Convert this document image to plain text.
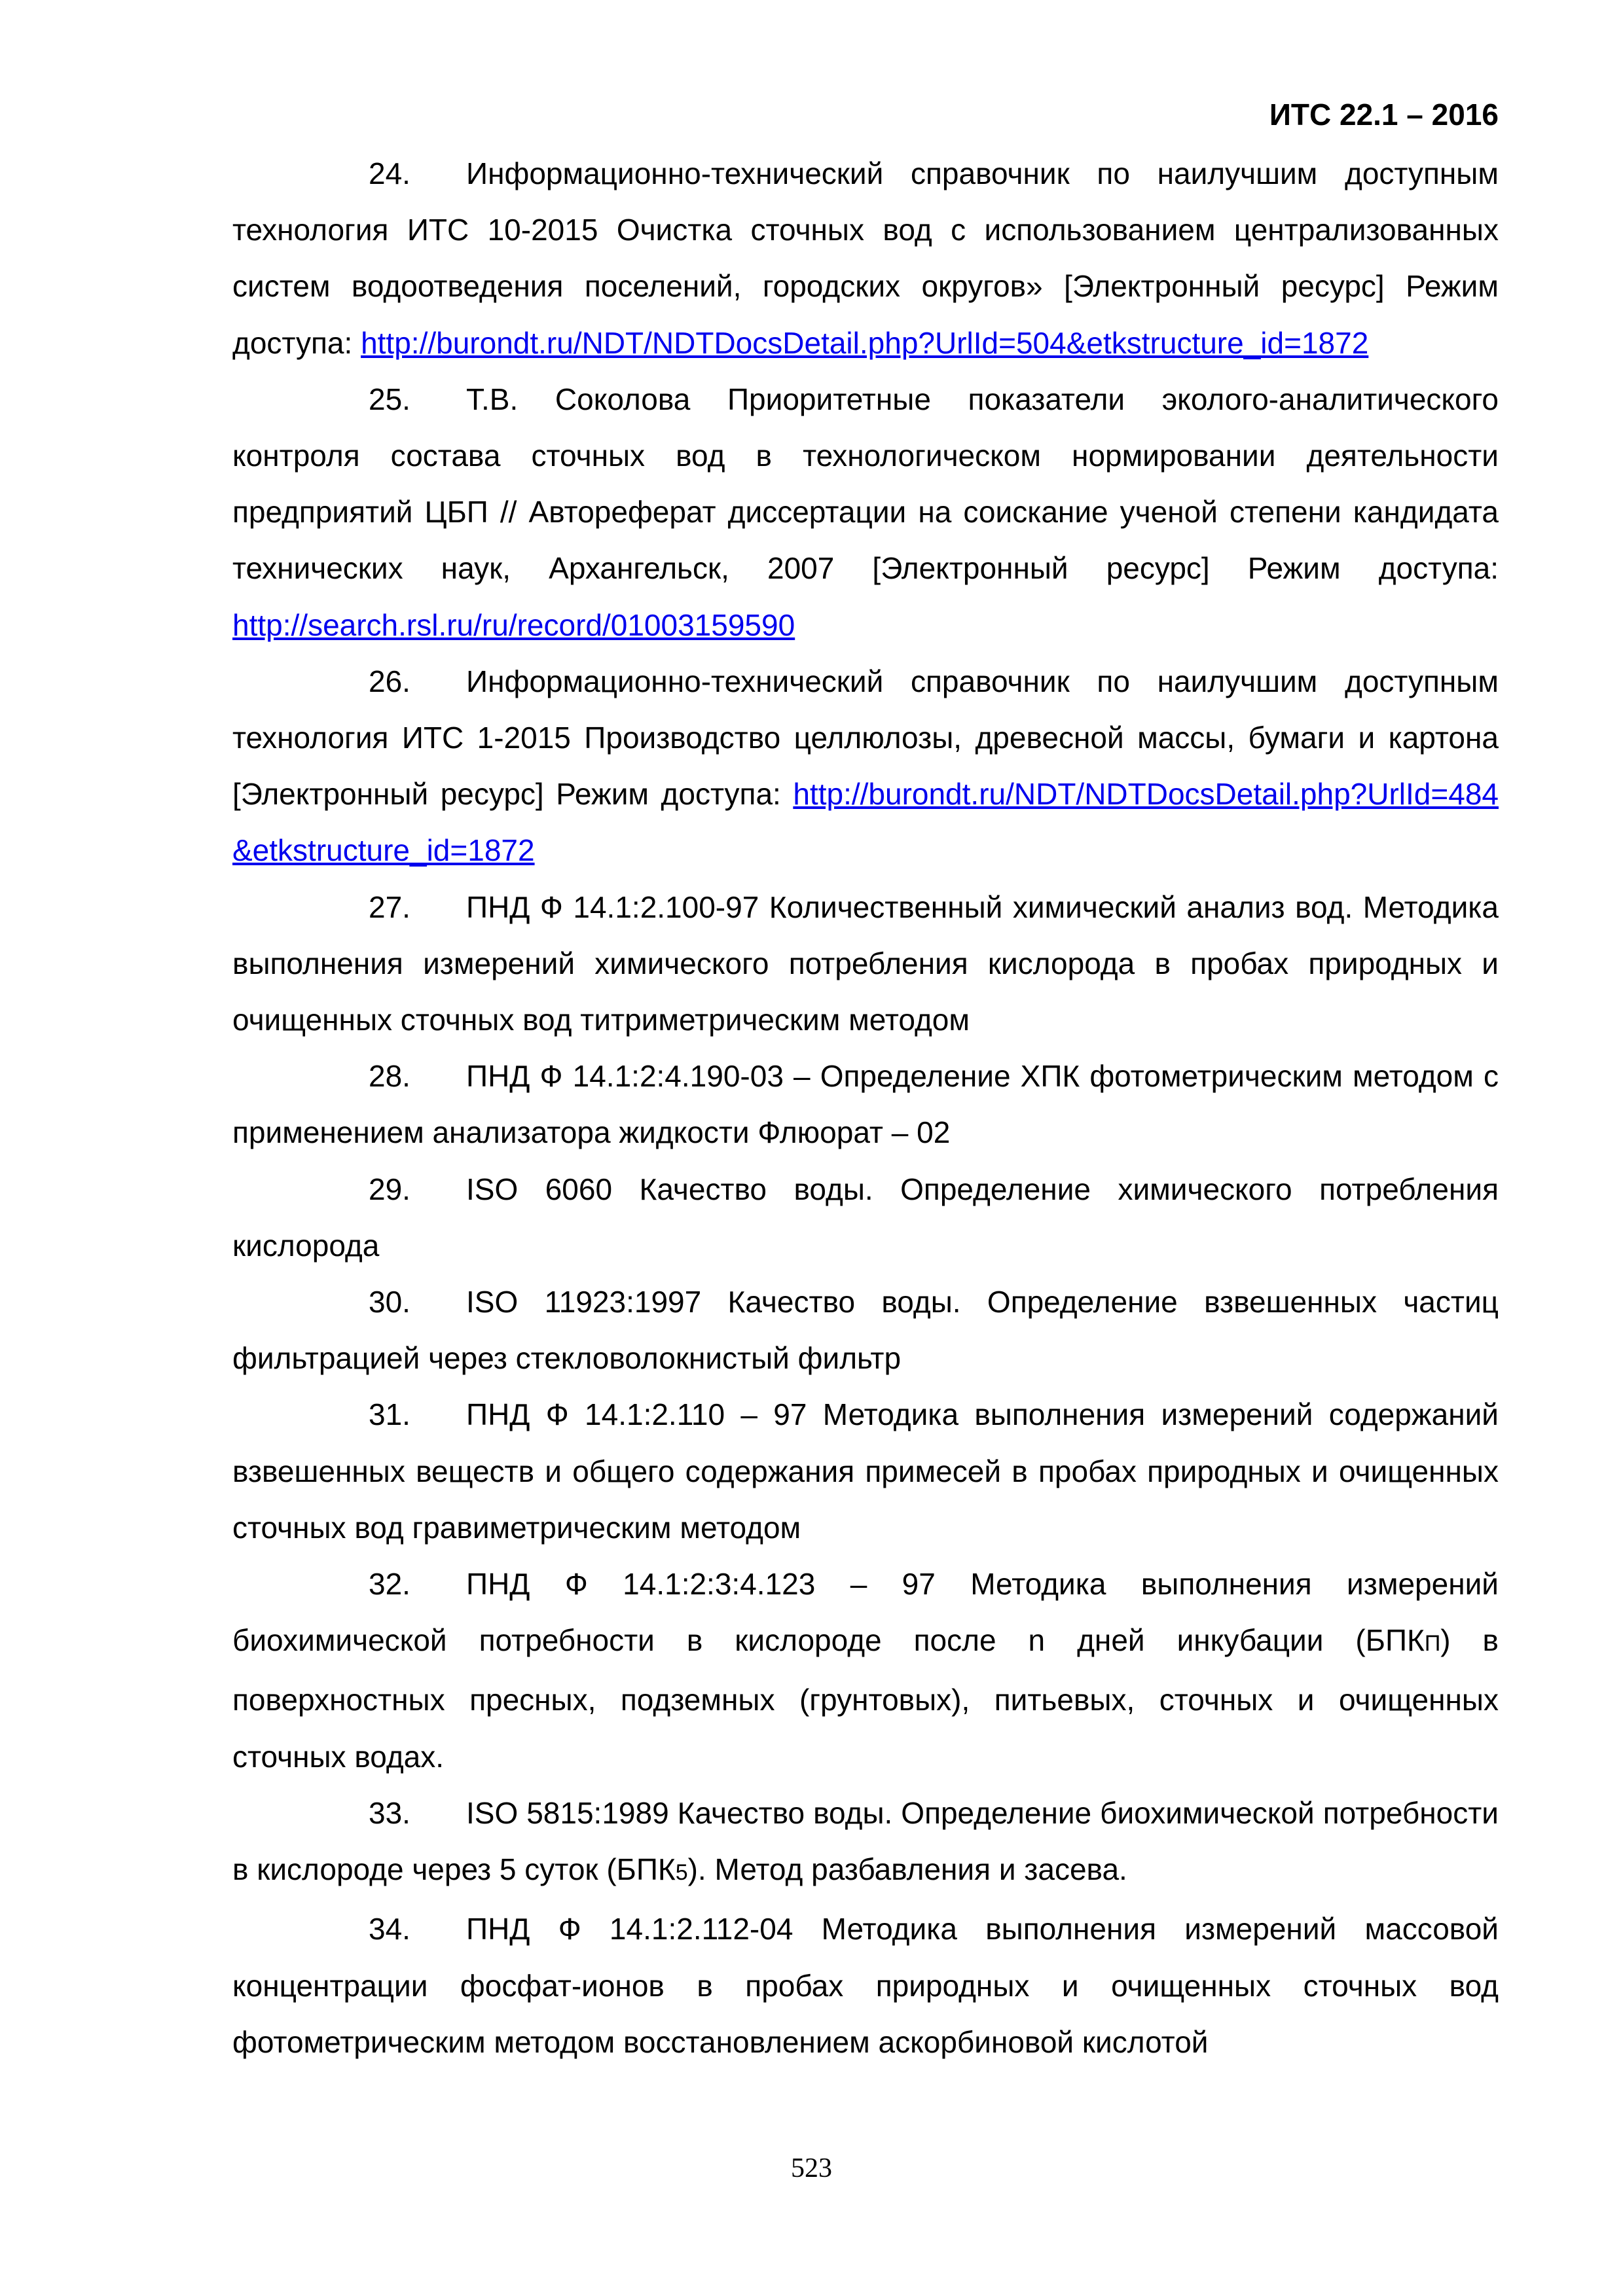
ИТС 22.1 – 2016

24. Информационно-технический справочник по наилучшим доступным технология ИТС 10-2015 Очистка сточных вод с использованием централизованных систем водоотведения поселений, городских округов» [Электронный ресурс] Режим доступа: http://burondt.ru/NDT/NDTDocsDetail.php?UrlId=504&etkstructure_id=1872

25. Т.В. Соколова Приоритетные показатели эколого-аналитического контроля состава сточных вод в технологическом нормировании деятельности предприятий ЦБП // Автореферат диссертации на соискание ученой степени кандидата технических наук, Архангельск, 2007 [Электронный ресурс] Режим доступа: http://search.rsl.ru/ru/record/01003159590

26. Информационно-технический справочник по наилучшим доступным технология ИТС 1-2015 Производство целлюлозы, древесной массы, бумаги и картона [Электронный ресурс] Режим доступа: http://burondt.ru/NDT/NDTDocsDetail.php?UrlId=484&etkstructure_id=1872

27. ПНД Ф 14.1:2.100-97 Количественный химический анализ вод. Методика выполнения измерений химического потребления кислорода в пробах природных и очищенных сточных вод титриметрическим методом

28. ПНД Ф 14.1:2:4.190-03 – Определение ХПК фотометрическим методом с применением анализатора жидкости Флюорат – 02

29. ISO 6060 Качество воды. Определение химического потребления кислорода

30. ISO 11923:1997 Качество воды. Определение взвешенных частиц фильтрацией через стекловолокнистый фильтр

31. ПНД Ф 14.1:2.110 – 97 Методика выполнения измерений содержаний взвешенных веществ и общего содержания примесей в пробах природных и очищенных сточных вод гравиметрическим методом

32. ПНД Ф 14.1:2:3:4.123 – 97 Методика выполнения измерений биохимической потребности в кислороде после n дней инкубации (БПКП) в поверхностных пресных, подземных (грунтовых), питьевых, сточных и очищенных сточных водах.

33. ISO 5815:1989 Качество воды. Определение биохимической потребности в кислороде через 5 суток (БПК5). Метод разбавления и засева.

34. ПНД Ф 14.1:2.112-04 Методика выполнения измерений массовой концентрации фосфат-ионов в пробах природных и очищенных сточных вод фотометрическим методом восстановлением аскорбиновой кислотой

523
